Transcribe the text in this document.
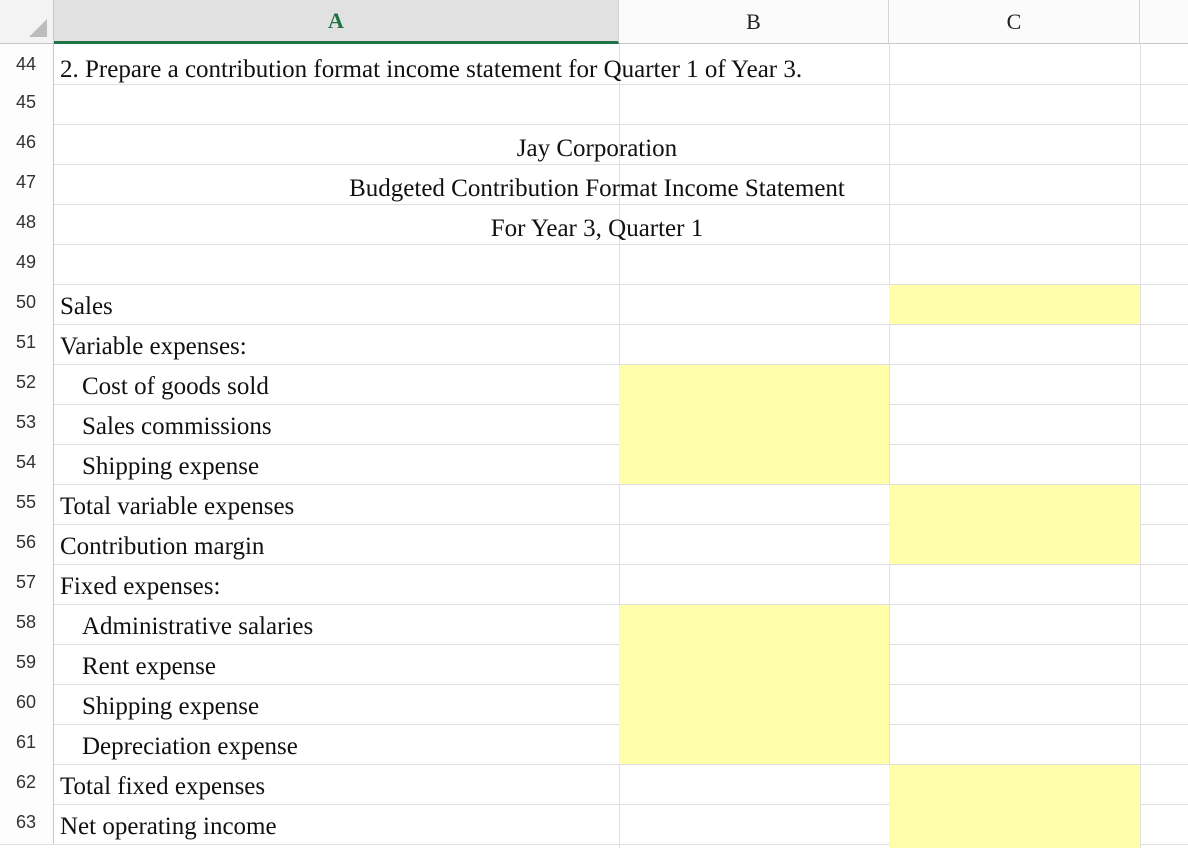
A	B	C
44
45
46
47
48
49
50
51
52
53
54
55
56
57
58
59
60
61
62
63
2. Prepare a contribution format income statement for Quarter 1 of Year 3.
Jay Corporation
Budgeted Contribution Format Income Statement
For Year 3, Quarter 1
Sales
Variable expenses:
Cost of goods sold
Sales commissions
Shipping expense
Total variable expenses
Contribution margin
Fixed expenses:
Administrative salaries
Rent expense
Shipping expense
Depreciation expense
Total fixed expenses
Net operating income
